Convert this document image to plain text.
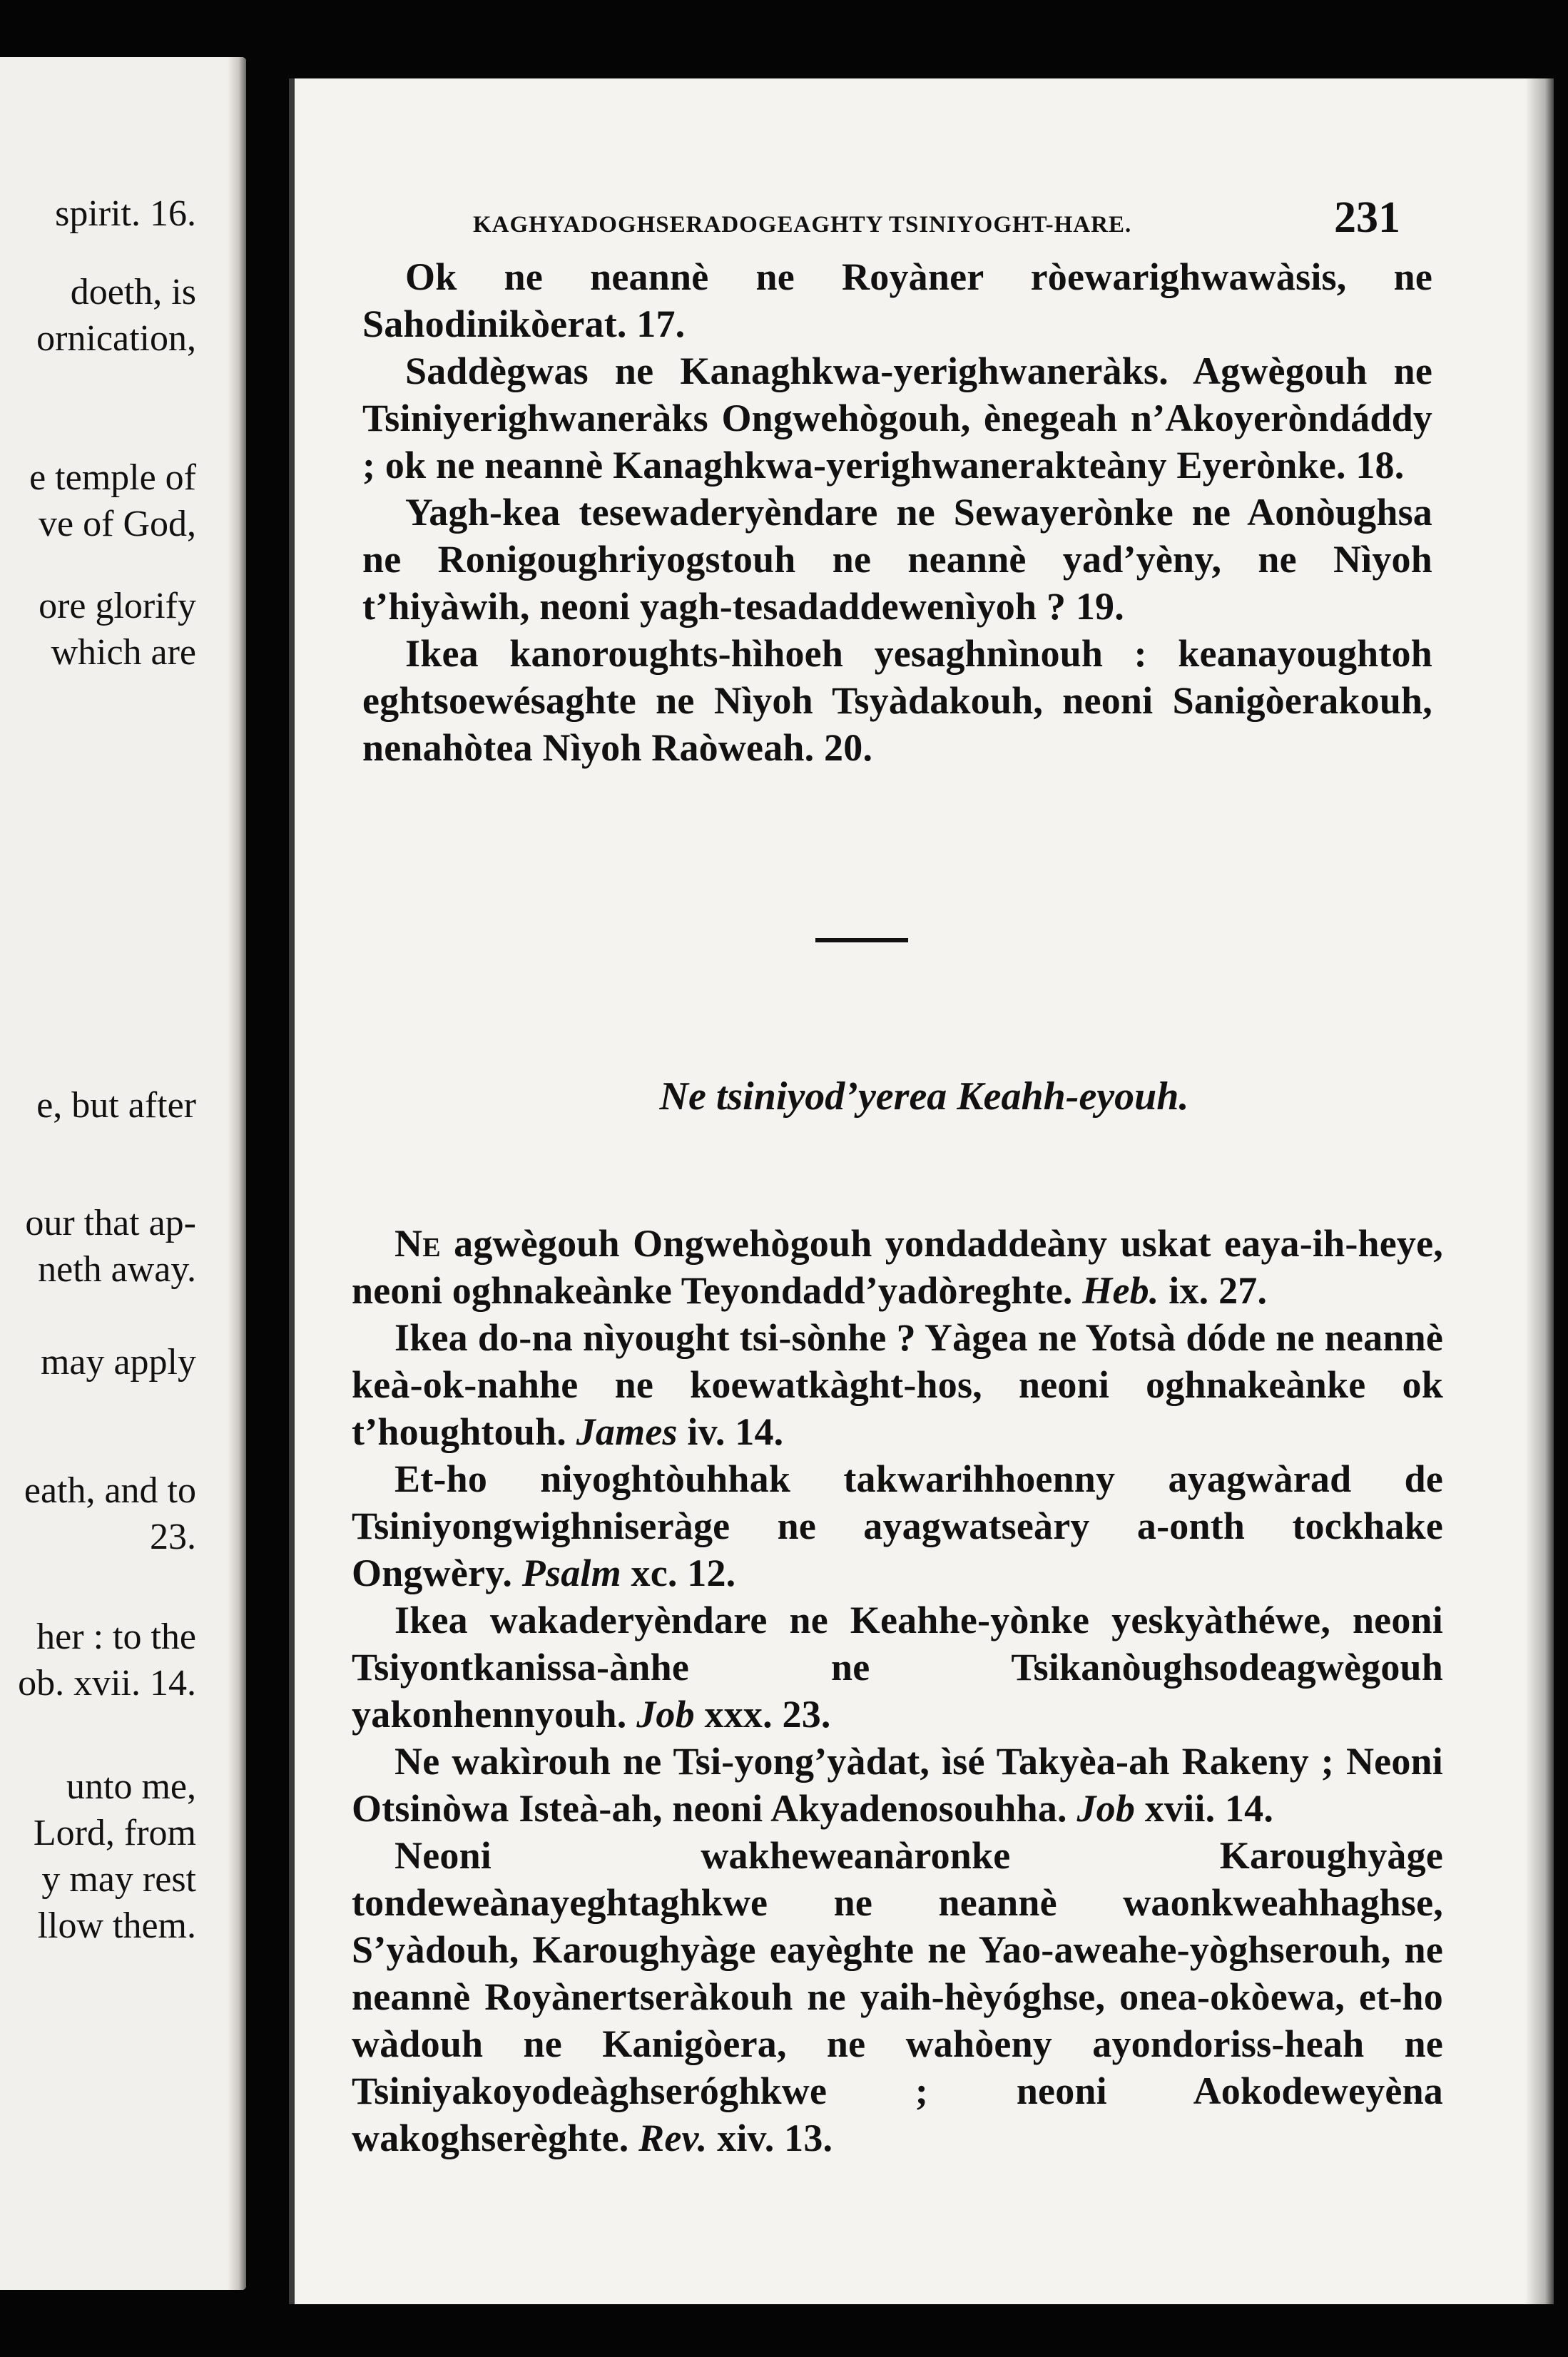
spirit. 16.
doeth, is
ornication,
e temple of
ve of God,
ore glorify
which are
e, but after
our that ap-
neth away.
may apply
eath, and to
23.
her : to the
ob. xvii. 14.
unto me,
Lord, from
y may rest
llow them.
KAGHYADOGHSERADOGEAGHTY TSINIYOGHT-HARE.	231

Ok ne neannè ne Royàner ròewarighwawàsis, ne Sahodinikòerat. 17.

Saddègwas ne Kanaghkwa-yerighwaneràks. Agwègouh ne Tsiniyerighwaneràks Ongwehògouh, ènegeah n’Akoyeròndáddy ; ok ne neannè Kanaghkwa-yerighwanerakteàny Eyerònke. 18.

Yagh-kea tesewaderyèndare ne Sewayerònke ne Aonòughsa ne Ronigoughriyogstouh ne neannè yad’yèny, ne Nìyoh t’hiyàwih, neoni yagh-tesadaddewenìyoh ? 19.

Ikea kanoroughts-hìhoeh yesaghnìnouh : keanayoughtoh eghtsoewésaghte ne Nìyoh Tsyàdakouh, neoni Sanigòerakouh, nenahòtea Nìyoh Raòweah. 20.

Ne tsiniyod’yerea Keahh-eyouh.

Ne agwègouh Ongwehògouh yondaddeàny uskat eaya-ih-heye, neoni oghnakeànke Teyondadd’yadòreghte. Heb. ix. 27.

Ikea do-na nìyought tsi-sònhe ? Yàgea ne Yotsà dóde ne neannè keà-ok-nahhe ne koewatkàght-hos, neoni oghnakeànke ok t’houghtouh. James iv. 14.

Et-ho niyoghtòuhhak takwarihhoenny ayagwàrad de Tsiniyongwighniseràge ne ayagwatseàry a-onth tockhake Ongwèry. Psalm xc. 12.

Ikea wakaderyèndare ne Keahhe-yònke yeskyàthéwe, neoni Tsiyontkanissa-ànhe ne Tsikanòughsodeagwègouh yakonhennyouh. Job xxx. 23.

Ne wakìrouh ne Tsi-yong’yàdat, ìsé Takyèa-ah Rakeny ; Neoni Otsinòwa Isteà-ah, neoni Akyadenosouhha. Job xvii. 14.

Neoni wakheweanàronke Karoughyàge tondeweànayeghtaghkwe ne neannè waonkweahhaghse, S’yàdouh, Karoughyàge eayèghte ne Yao-aweahe-yòghserouh, ne neannè Royànertseràkouh ne yaih-hèyóghse, onea-okòewa, et-ho wàdouh ne Kanigòera, ne wahòeny ayondoriss-heah ne Tsiniyakoyodeàghseróghkwe ; neoni Aokodeweyèna wakoghserèghte. Rev. xiv. 13.
